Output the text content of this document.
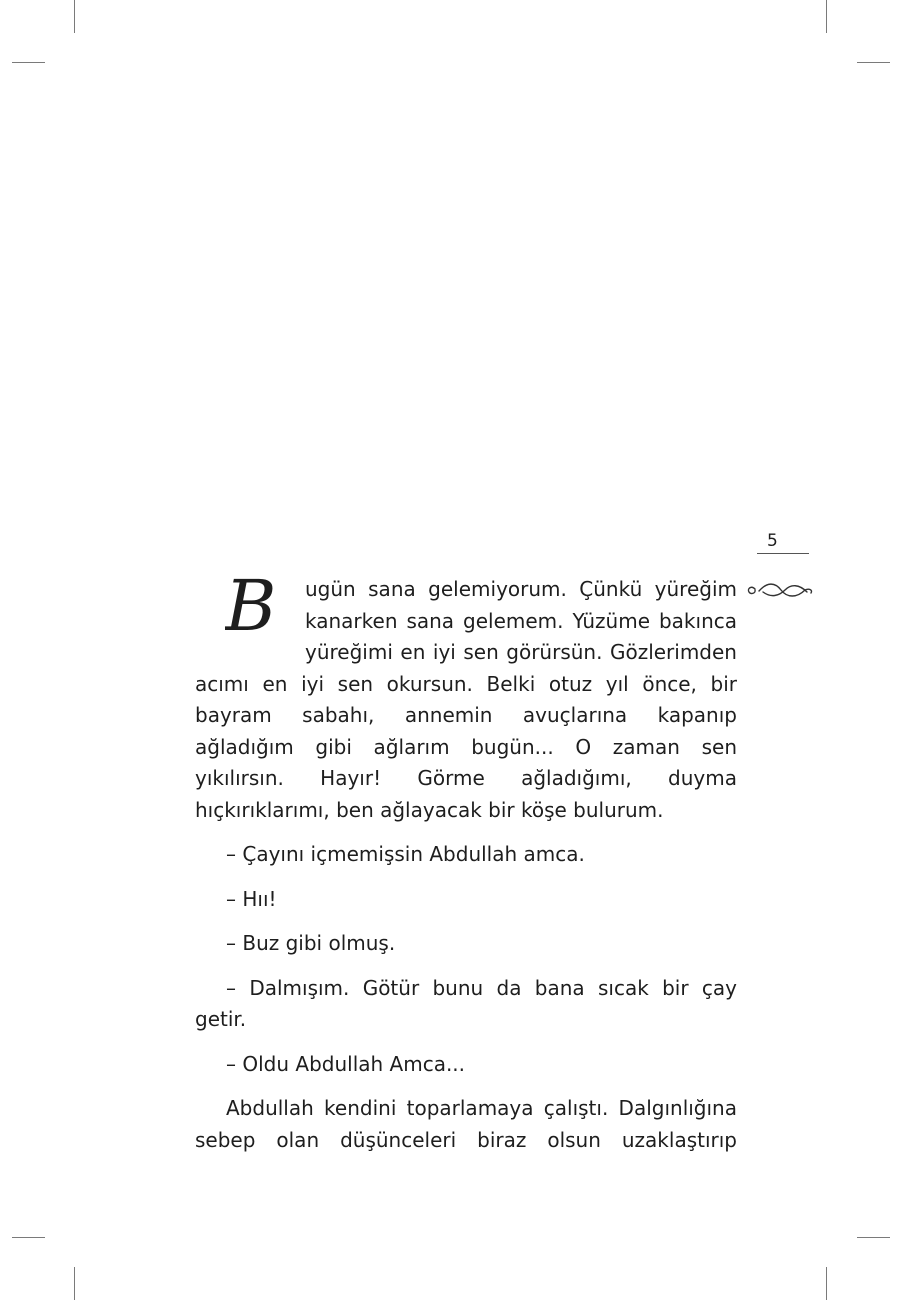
5
B	ugün sana gelemiyorum. Çünkü yüreğim kanarken sana gelemem. Yüzüme bakınca yüreğimi en iyi sen görürsün. Gözlerimden acımı en iyi sen okursun. Belki otuz yıl önce, bir bayram sabahı, annemin avuçlarına kapanıp ağladığım gibi ağlarım bugün... O zaman sen yıkılırsın. Hayır! Görme ağladığımı, duyma hıçkırıklarımı, ben ağlayacak bir köşe bulurum.

– Çayını içmemişsin Abdullah amca.

– Hıı!

– Buz gibi olmuş.

– Dalmışım. Götür bunu da bana sıcak bir çay getir.

– Oldu Abdullah Amca...

Abdullah kendini toparlamaya çalıştı. Dalgınlığına sebep olan düşünceleri biraz olsun uzaklaştırıp
